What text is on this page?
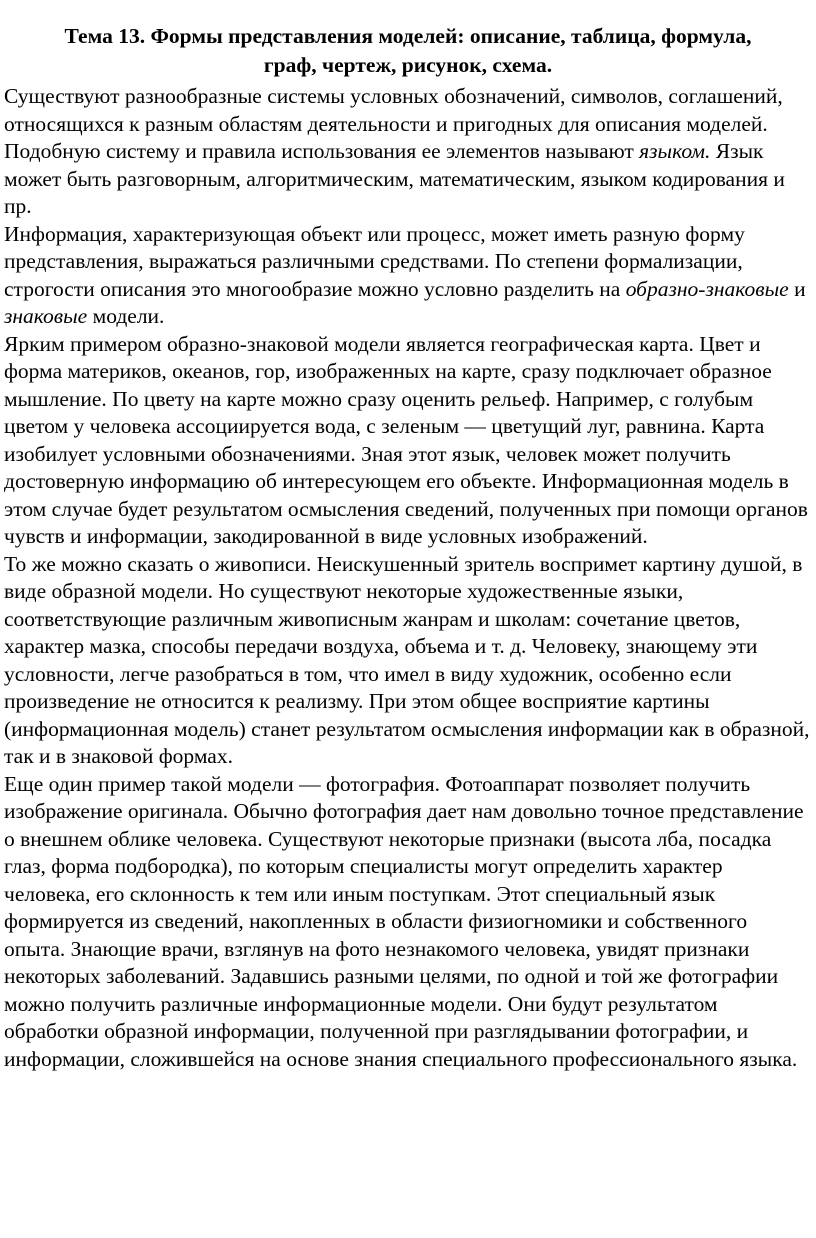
Тема 13. Формы представления моделей: описание, таблица, формула,
граф, чертеж, рисунок, схема.

Существуют разнообразные системы условных обозначений, символов, соглашений, относящихся к разным областям деятельности и пригодных для описания моделей. Подобную систему и правила использования ее элементов называют языком. Язык может быть разговорным, алгоритмическим, математическим, языком кодирования и пр.

Информация, характеризующая объект или процесс, может иметь разную форму представления, выражаться различными средствами. По степени формализации, строгости описания это многообразие можно условно разделить на образно-знаковые и знаковые модели.

Ярким примером образно-знаковой модели является географическая карта. Цвет и форма материков, океанов, гор, изображенных на карте, сразу подключает образное мышление. По цвету на карте можно сразу оценить рельеф. Например, с голубым цветом у человека ассоциируется вода, с зеленым — цветущий луг, равнина. Карта изобилует условными обозначениями. Зная этот язык, человек может получить достоверную информацию об интересующем его объекте. Информационная модель в этом случае будет результатом осмысления сведений, полученных при помощи органов чувств и информации, закодированной в виде условных изображений.

То же можно сказать о живописи. Неискушенный зритель воспримет картину душой, в виде образной модели. Но существуют некоторые художественные языки, соответствующие различным живописным жанрам и школам: сочетание цветов, характер мазка, способы передачи воздуха, объема и т. д. Человеку, знающему эти условности, легче разобраться в том, что имел в виду художник, особенно если произведение не относится к реализму. При этом общее восприятие картины (информационная модель) станет результатом осмысления информации как в образной, так и в знаковой формах.

Еще один пример такой модели — фотография. Фотоаппарат позволяет получить изображение оригинала. Обычно фотография дает нам довольно точное представление о внешнем облике человека. Существуют некоторые признаки (высота лба, посадка глаз, форма подбородка), по которым специалисты могут определить характер человека, его склонность к тем или иным поступкам. Этот специальный язык формируется из сведений, накопленных в области физиогномики и собственного опыта. Знающие врачи, взглянув на фото незнакомого человека, увидят признаки некоторых заболеваний. Задавшись разными целями, по одной и той же фотографии можно получить различные информационные модели. Они будут результатом обработки образной информации, полученной при разглядывании фотографии, и информации, сложившейся на основе знания специального профессионального языка.
